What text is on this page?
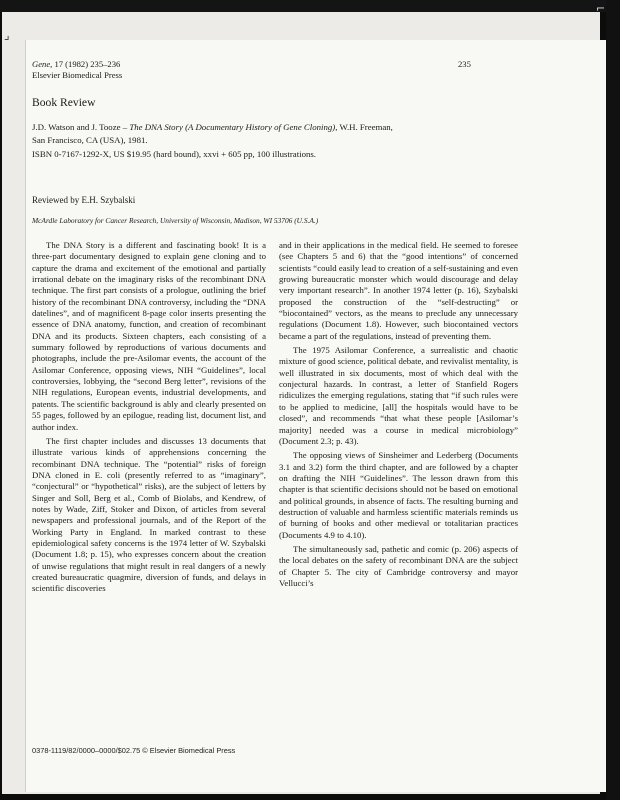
⌐
⌟
Gene, 17 (1982) 235–236
Elsevier Biomedical Press
235
Book Review
J.D. Watson and J. Tooze – The DNA Story (A Documentary History of Gene Cloning), W.H. Freeman,
San Francisco, CA (USA), 1981.
ISBN 0-7167-1292-X, US $19.95 (hard bound), xxvi + 605 pp, 100 illustrations.
Reviewed by E.H. Szybalski
McArdle Laboratory for Cancer Research, University of Wisconsin, Madison, WI 53706 (U.S.A.)

The DNA Story is a different and fascinating book! It is a three-part documentary designed to explain gene cloning and to capture the drama and excitement of the emotional and partially irrational debate on the imaginary risks of the recombinant DNA technique. The first part consists of a prologue, outlining the brief history of the recombinant DNA controversy, including the “DNA datelines”, and of magnificent 8-page color inserts presenting the essence of DNA anatomy, function, and creation of recombinant DNA and its products. Sixteen chapters, each consisting of a summary followed by reproductions of various documents and photographs, include the pre-Asilomar events, the account of the Asilomar Conference, opposing views, NIH “Guidelines”, local controversies, lobbying, the “second Berg letter”, revisions of the NIH regulations, European events, industrial developments, and patents. The scientific background is ably and clearly presented on 55 pages, followed by an epilogue, reading list, document list, and author index.

The first chapter includes and discusses 13 documents that illustrate various kinds of apprehensions concerning the recombinant DNA technique. The “potential” risks of foreign DNA cloned in E. coli (presently referred to as “imaginary”, “conjectural” or “hypothetical” risks), are the subject of letters by Singer and Soll, Berg et al., Comb of Biolabs, and Kendrew, of notes by Wade, Ziff, Stoker and Dixon, of articles from several newspapers and professional journals, and of the Report of the Working Party in England. In marked contrast to these epidemiological safety concerns is the 1974 letter of W. Szybalski (Document 1.8; p. 15), who expresses concern about the creation of unwise regulations that might result in real dangers of a newly created bureaucratic quagmire, diversion of funds, and delays in scientific discoveries

and in their applications in the medical field. He seemed to foresee (see Chapters 5 and 6) that the “good intentions” of concerned scientists “could easily lead to creation of a self-sustaining and even growing bureaucratic monster which would discourage and delay very important research”. In another 1974 letter (p. 16), Szybalski proposed the construction of the “self-destructing” or “biocontained” vectors, as the means to preclude any unnecessary regulations (Document 1.8). However, such biocontained vectors became a part of the regulations, instead of preventing them.

The 1975 Asilomar Conference, a surrealistic and chaotic mixture of good science, political debate, and revivalist mentality, is well illustrated in six documents, most of which deal with the conjectural hazards. In contrast, a letter of Stanfield Rogers ridiculizes the emerging regulations, stating that “if such rules were to be applied to medicine, [all] the hospitals would have to be closed”, and recommends “that what these people [Asilomar’s majority] needed was a course in medical microbiology” (Document 2.3; p. 43).

The opposing views of Sinsheimer and Lederberg (Documents 3.1 and 3.2) form the third chapter, and are followed by a chapter on drafting the NIH “Guidelines”. The lesson drawn from this chapter is that scientific decisions should not be based on emotional and political grounds, in absence of facts. The resulting burning and destruction of valuable and harmless scientific materials reminds us of burning of books and other medieval or totalitarian practices (Documents 4.9 to 4.10).

The simultaneously sad, pathetic and comic (p. 206) aspects of the local debates on the safety of recombinant DNA are the subject of Chapter 5. The city of Cambridge controversy and mayor Vellucci’s

0378-1119/82/0000–0000/$02.75 © Elsevier Biomedical Press
